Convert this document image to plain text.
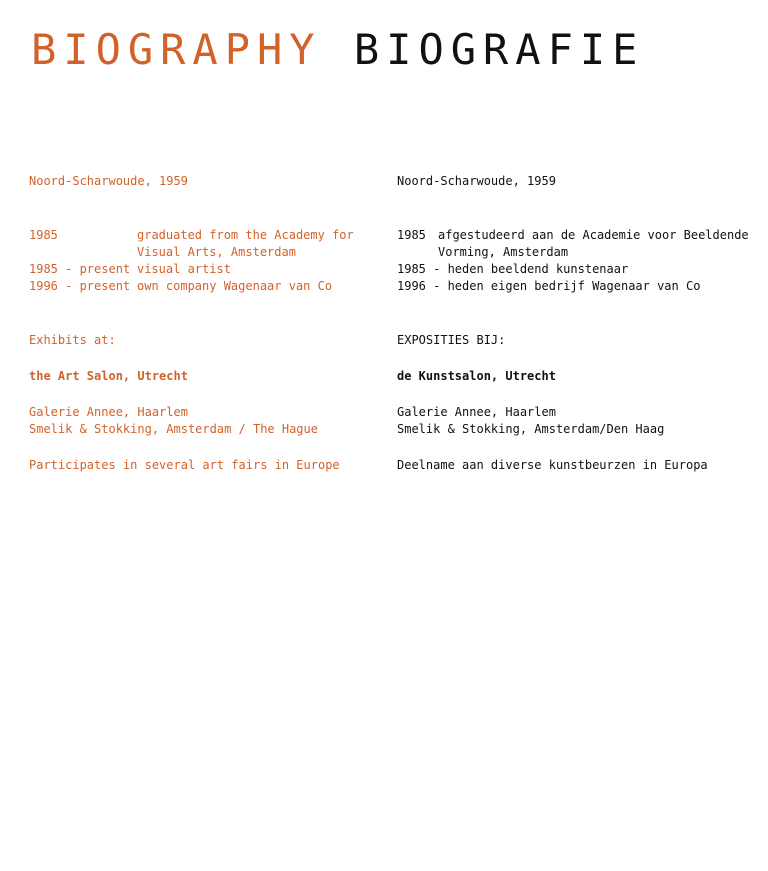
BIOGRAPHY BIOGRAFIE
Noord-Scharwoude, 1959
1985	graduated from the Academy for
Visual Arts, Amsterdam
1985 - present visual artist
1996 - present own company Wagenaar van Co
Exhibits at:
the Art Salon, Utrecht
Galerie Annee, Haarlem
Smelik & Stokking, Amsterdam / The Hague
Participates in several art fairs in Europe
Noord-Scharwoude, 1959
1985	afgestudeerd aan de Academie voor Beeldende
Vorming, Amsterdam
1985 - heden beeldend kunstenaar
1996 - heden eigen bedrijf Wagenaar van Co
EXPOSITIES BIJ:
de Kunstsalon, Utrecht
Galerie Annee, Haarlem
Smelik & Stokking, Amsterdam/Den Haag
Deelname aan diverse kunstbeurzen in Europa
